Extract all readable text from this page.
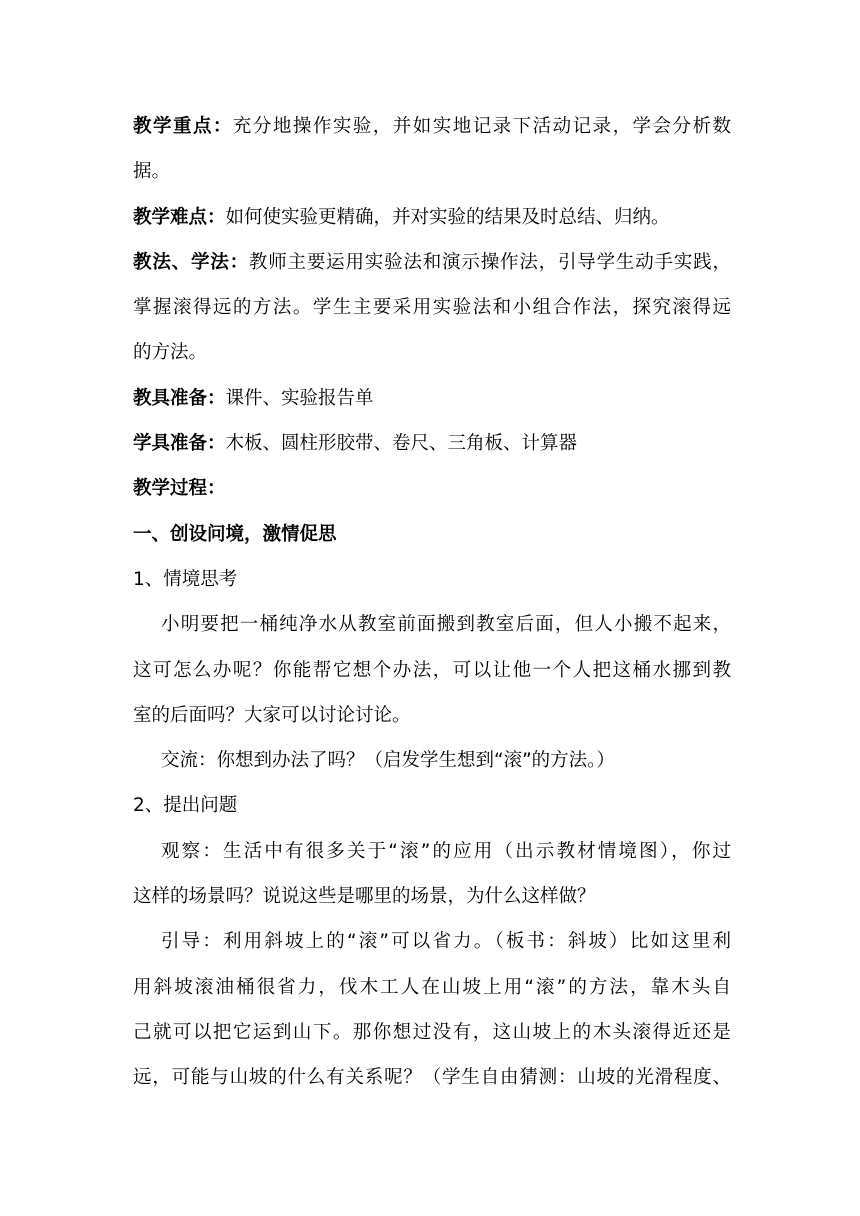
教学重点：充分地操作实验，并如实地记录下活动记录，学会分析数
据。
教学难点：如何使实验更精确，并对实验的结果及时总结、归纳。
教法、学法：教师主要运用实验法和演示操作法，引导学生动手实践，
掌握滚得远的方法。学生主要采用实验法和小组合作法，探究滚得远
的方法。
教具准备：课件、实验报告单
学具准备：木板、圆柱形胶带、卷尺、三角板、计算器
教学过程：
一、创设问境，激情促思
1、情境思考
小明要把一桶纯净水从教室前面搬到教室后面，但人小搬不起来，
这可怎么办呢？你能帮它想个办法，可以让他一个人把这桶水挪到教
室的后面吗？大家可以讨论讨论。
交流：你想到办法了吗？（启发学生想到“滚”的方法。）
2、提出问题
观察：生活中有很多关于“滚”的应用（出示教材情境图），你过
这样的场景吗？说说这些是哪里的场景，为什么这样做？
引导：利用斜坡上的“滚”可以省力。（板书：斜坡）比如这里利
用斜坡滚油桶很省力，伐木工人在山坡上用“滚”的方法，靠木头自
己就可以把它运到山下。那你想过没有，这山坡上的木头滚得近还是
远，可能与山坡的什么有关系呢？（学生自由猜测：山坡的光滑程度、
